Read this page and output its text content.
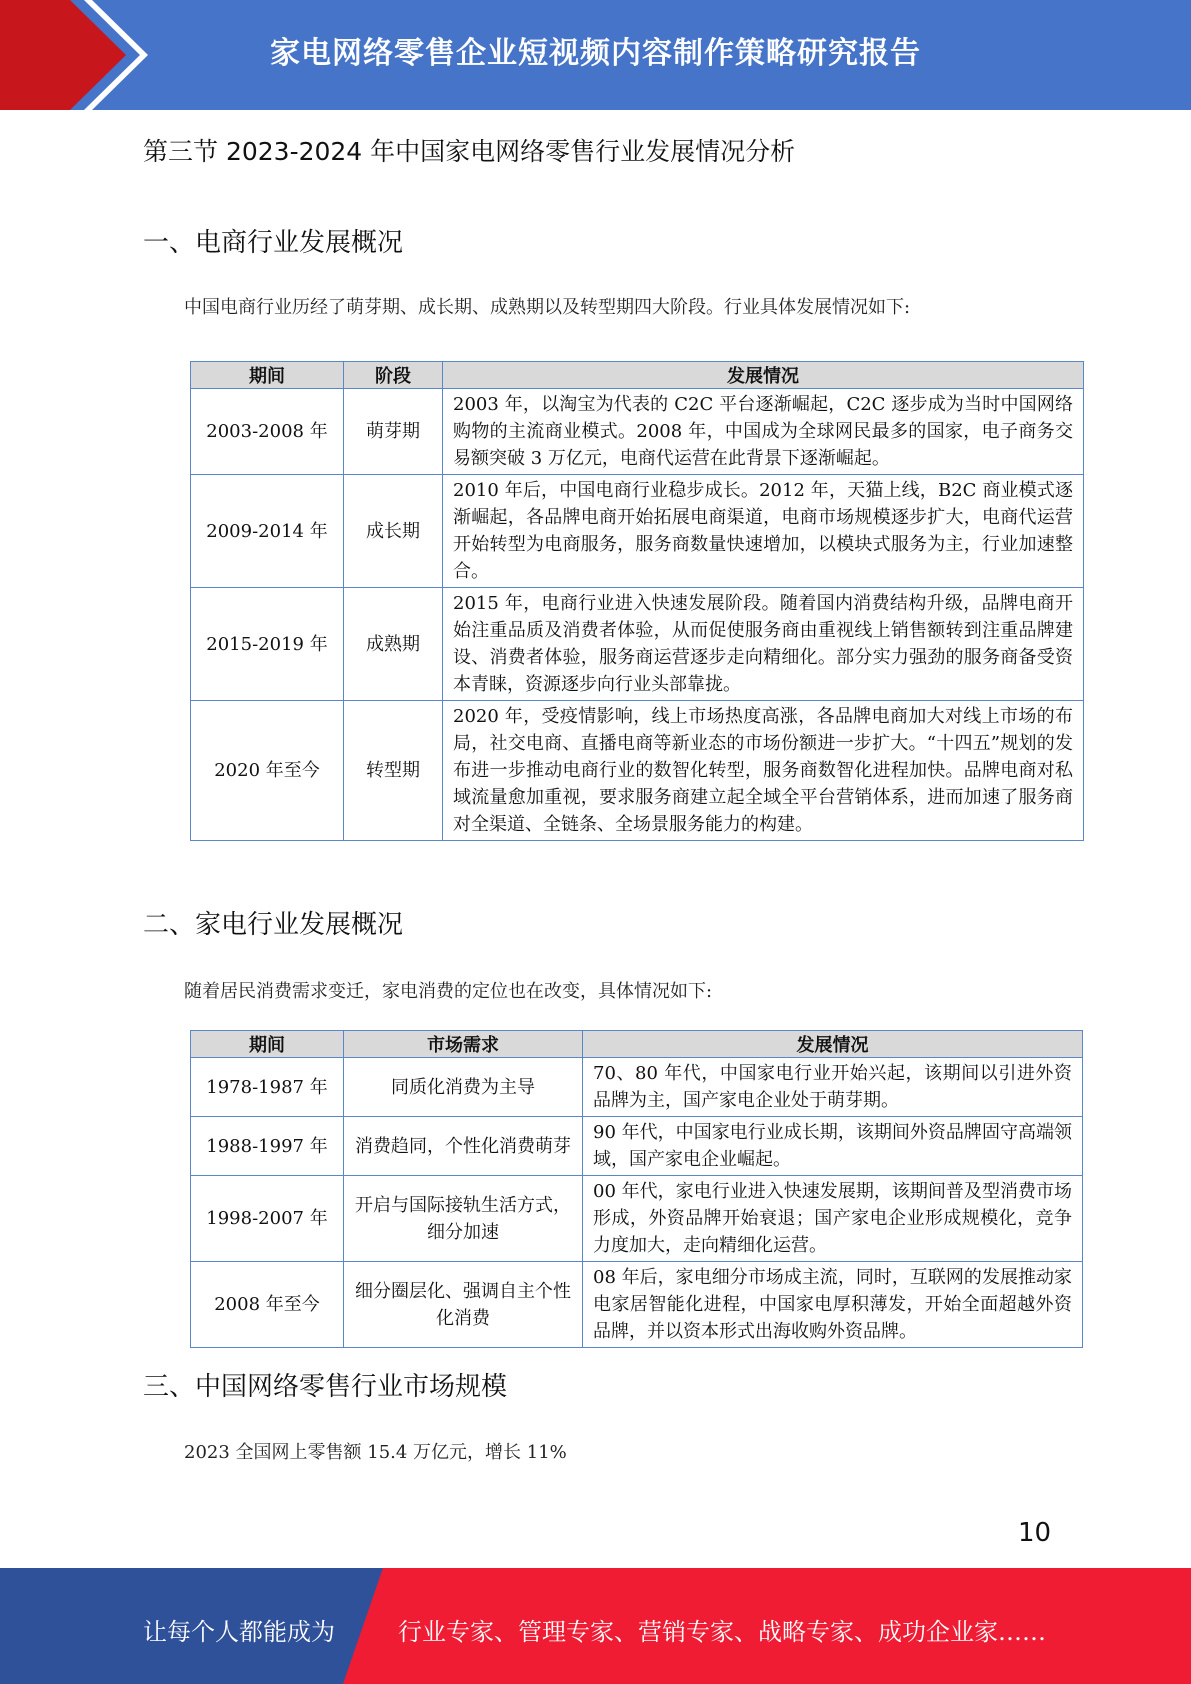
家电网络零售企业短视频内容制作策略研究报告
第三节 2023-2024 年中国家电网络零售行业发展情况分析
一、电商行业发展概况
中国电商行业历经了萌芽期、成长期、成熟期以及转型期四大阶段。行业具体发展情况如下:
期间	阶段	发展情况
2003-2008 年	萌芽期	2003 年，以淘宝为代表的 C2C 平台逐渐崛起，C2C 逐步成为当时中国网络购物的主流商业模式。2008 年，中国成为全球网民最多的国家，电子商务交易额突破 3 万亿元，电商代运营在此背景下逐渐崛起。
2009-2014 年	成长期	2010 年后，中国电商行业稳步成长。2012 年，天猫上线，B2C 商业模式逐渐崛起，各品牌电商开始拓展电商渠道，电商市场规模逐步扩大，电商代运营开始转型为电商服务，服务商数量快速增加，以模块式服务为主，行业加速整合。
2015-2019 年	成熟期	2015 年，电商行业进入快速发展阶段。随着国内消费结构升级，品牌电商开始注重品质及消费者体验，从而促使服务商由重视线上销售额转到注重品牌建设、消费者体验，服务商运营逐步走向精细化。部分实力强劲的服务商备受资本青睐，资源逐步向行业头部靠拢。
2020 年至今	转型期	2020 年，受疫情影响，线上市场热度高涨，各品牌电商加大对线上市场的布局，社交电商、直播电商等新业态的市场份额进一步扩大。“十四五”规划的发布进一步推动电商行业的数智化转型，服务商数智化进程加快。品牌电商对私域流量愈加重视，要求服务商建立起全域全平台营销体系，进而加速了服务商对全渠道、全链条、全场景服务能力的构建。
二、家电行业发展概况
随着居民消费需求变迁，家电消费的定位也在改变，具体情况如下:
期间	市场需求	发展情况
1978-1987 年	同质化消费为主导	70、80 年代，中国家电行业开始兴起，该期间以引进外资品牌为主，国产家电企业处于萌芽期。
1988-1997 年	消费趋同，个性化消费萌芽	90 年代，中国家电行业成长期，该期间外资品牌固守高端领域，国产家电企业崛起。
1998-2007 年	开启与国际接轨生活方式，细分加速	00 年代，家电行业进入快速发展期，该期间普及型消费市场形成，外资品牌开始衰退；国产家电企业形成规模化，竞争力度加大，走向精细化运营。
2008 年至今	细分圈层化、强调自主个性化消费	08 年后，家电细分市场成主流，同时，互联网的发展推动家电家居智能化进程，中国家电厚积薄发，开始全面超越外资品牌，并以资本形式出海收购外资品牌。
三、中国网络零售行业市场规模
2023 全国网上零售额 15.4 万亿元，增长 11%
10
让每个人都能成为	行业专家、管理专家、营销专家、战略专家、成功企业家……
